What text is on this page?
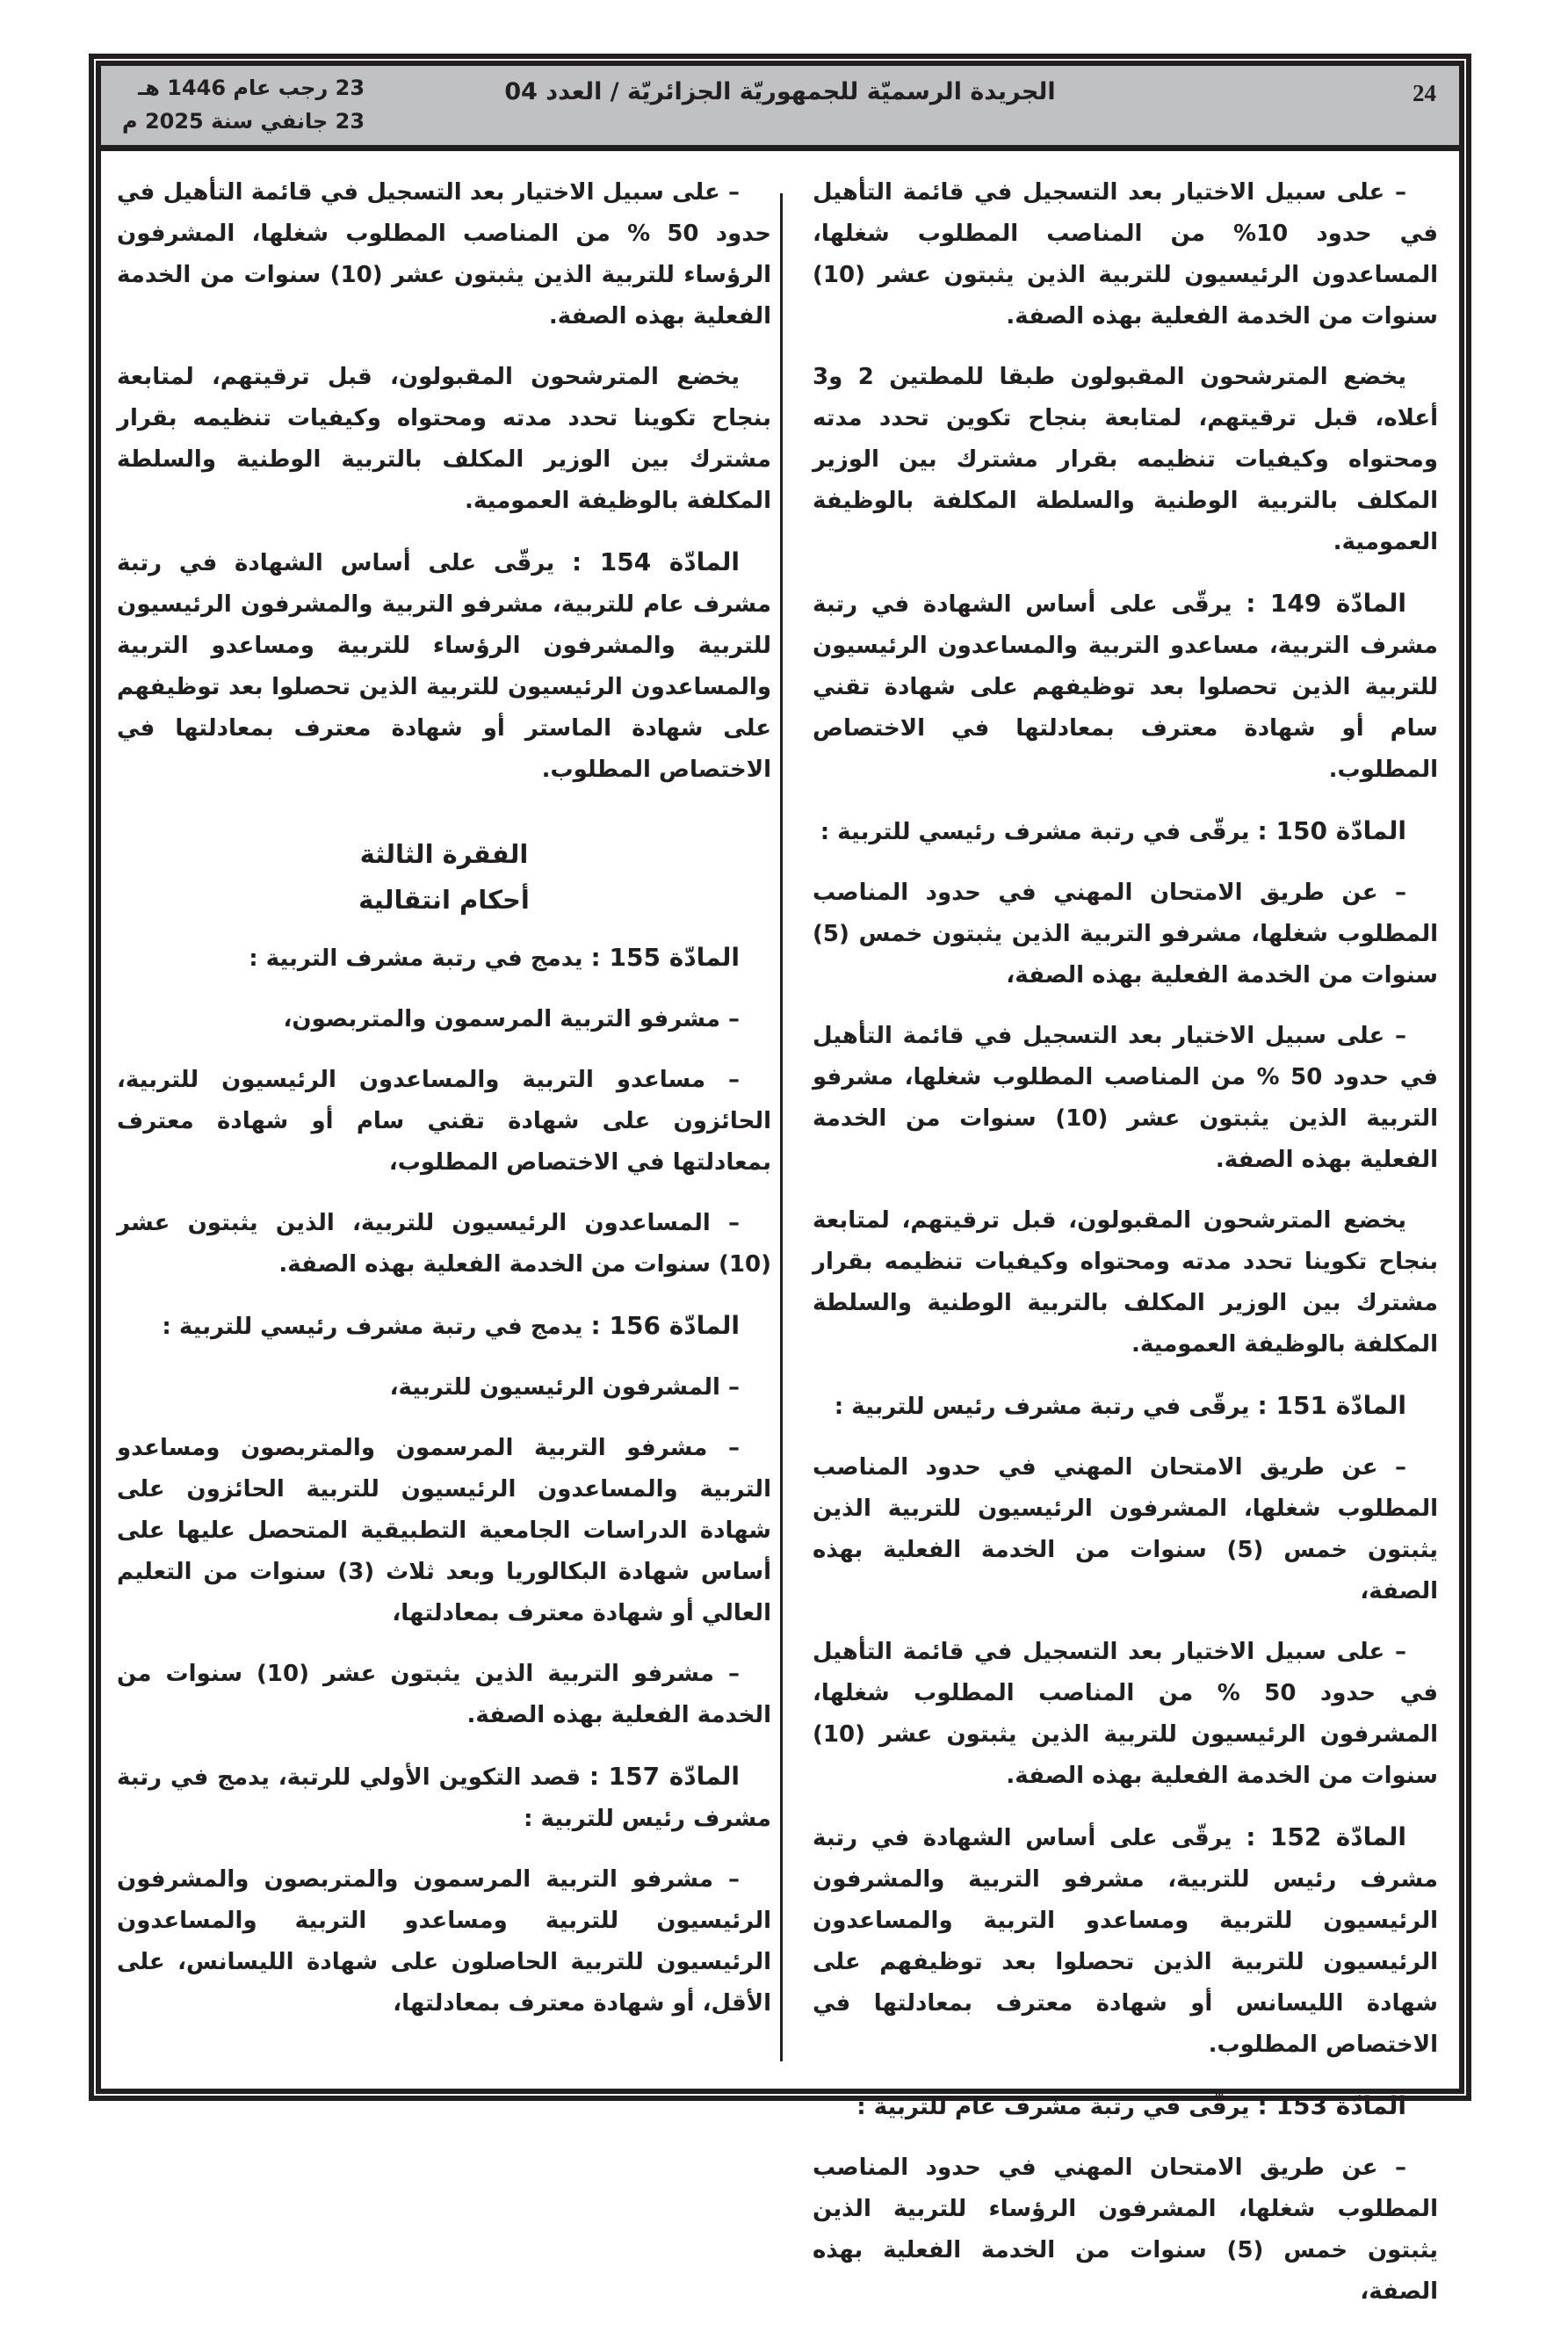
24
الجريدة الرسميّة للجمهوريّة الجزائريّة / العدد 04
23 رجب عام 1446 هـ
23 جانفي سنة 2025 م

– على سبيل الاختيار بعد التسجيل في قائمة التأهيل في حدود 10% من المناصب المطلوب شغلها، المساعدون الرئيسيون للتربية الذين يثبتون عشر (10) سنوات من الخدمة الفعلية بهذه الصفة.

يخضع المترشحون المقبولون طبقا للمطتين 2 و3 أعلاه، قبل ترقيتهم، لمتابعة بنجاح تكوين تحدد مدته ومحتواه وكيفيات تنظيمه بقرار مشترك بين الوزير المكلف بالتربية الوطنية والسلطة المكلفة بالوظيفة العمومية.

المادّة 149 : يرقّى على أساس الشهادة في رتبة مشرف التربية، مساعدو التربية والمساعدون الرئيسيون للتربية الذين تحصلوا بعد توظيفهم على شهادة تقني سام أو شهادة معترف بمعادلتها في الاختصاص المطلوب.

المادّة 150 : يرقّى في رتبة مشرف رئيسي للتربية :

– عن طريق الامتحان المهني في حدود المناصب المطلوب شغلها، مشرفو التربية الذين يثبتون خمس (5) سنوات من الخدمة الفعلية بهذه الصفة،

– على سبيل الاختيار بعد التسجيل في قائمة التأهيل في حدود 50 % من المناصب المطلوب شغلها، مشرفو التربية الذين يثبتون عشر (10) سنوات من الخدمة الفعلية بهذه الصفة.

يخضع المترشحون المقبولون، قبل ترقيتهم، لمتابعة بنجاح تكوينا تحدد مدته ومحتواه وكيفيات تنظيمه بقرار مشترك بين الوزير المكلف بالتربية الوطنية والسلطة المكلفة بالوظيفة العمومية.

المادّة 151 : يرقّى في رتبة مشرف رئيس للتربية :

– عن طريق الامتحان المهني في حدود المناصب المطلوب شغلها، المشرفون الرئيسيون للتربية الذين يثبتون خمس (5) سنوات من الخدمة الفعلية بهذه الصفة،

– على سبيل الاختيار بعد التسجيل في قائمة التأهيل في حدود 50 % من المناصب المطلوب شغلها، المشرفون الرئيسيون للتربية الذين يثبتون عشر (10) سنوات من الخدمة الفعلية بهذه الصفة.

المادّة 152 : يرقّى على أساس الشهادة في رتبة مشرف رئيس للتربية، مشرفو التربية والمشرفون الرئيسيون للتربية ومساعدو التربية والمساعدون الرئيسيون للتربية الذين تحصلوا بعد توظيفهم على شهادة الليسانس أو شهادة معترف بمعادلتها في الاختصاص المطلوب.

المادّة 153 : يرقّى في رتبة مشرف عام للتربية :

– عن طريق الامتحان المهني في حدود المناصب المطلوب شغلها، المشرفون الرؤساء للتربية الذين يثبتون خمس (5) سنوات من الخدمة الفعلية بهذه الصفة،

– على سبيل الاختيار بعد التسجيل في قائمة التأهيل في حدود 50 % من المناصب المطلوب شغلها، المشرفون الرؤساء للتربية الذين يثبتون عشر (10) سنوات من الخدمة الفعلية بهذه الصفة.

يخضع المترشحون المقبولون، قبل ترقيتهم، لمتابعة بنجاح تكوينا تحدد مدته ومحتواه وكيفيات تنظيمه بقرار مشترك بين الوزير المكلف بالتربية الوطنية والسلطة المكلفة بالوظيفة العمومية.

المادّة 154 : يرقّى على أساس الشهادة في رتبة مشرف عام للتربية، مشرفو التربية والمشرفون الرئيسيون للتربية والمشرفون الرؤساء للتربية ومساعدو التربية والمساعدون الرئيسيون للتربية الذين تحصلوا بعد توظيفهم على شهادة الماستر أو شهادة معترف بمعادلتها في الاختصاص المطلوب.

الفقرة الثالثة
أحكام انتقالية

المادّة 155 : يدمج في رتبة مشرف التربية :

– مشرفو التربية المرسمون والمتربصون،

– مساعدو التربية والمساعدون الرئيسيون للتربية، الحائزون على شهادة تقني سام أو شهادة معترف بمعادلتها في الاختصاص المطلوب،

– المساعدون الرئيسيون للتربية، الذين يثبتون عشر (10) سنوات من الخدمة الفعلية بهذه الصفة.

المادّة 156 : يدمج في رتبة مشرف رئيسي للتربية :

– المشرفون الرئيسيون للتربية،

– مشرفو التربية المرسمون والمتربصون ومساعدو التربية والمساعدون الرئيسيون للتربية الحائزون على شهادة الدراسات الجامعية التطبيقية المتحصل عليها على أساس شهادة البكالوريا وبعد ثلاث (3) سنوات من التعليم العالي أو شهادة معترف بمعادلتها،

– مشرفو التربية الذين يثبتون عشر (10) سنوات من الخدمة الفعلية بهذه الصفة.

المادّة 157 : قصد التكوين الأولي للرتبة، يدمج في رتبة مشرف رئيس للتربية :

– مشرفو التربية المرسمون والمتربصون والمشرفون الرئيسيون للتربية ومساعدو التربية والمساعدون الرئيسيون للتربية الحاصلون على شهادة الليسانس، على الأقل، أو شهادة معترف بمعادلتها،
